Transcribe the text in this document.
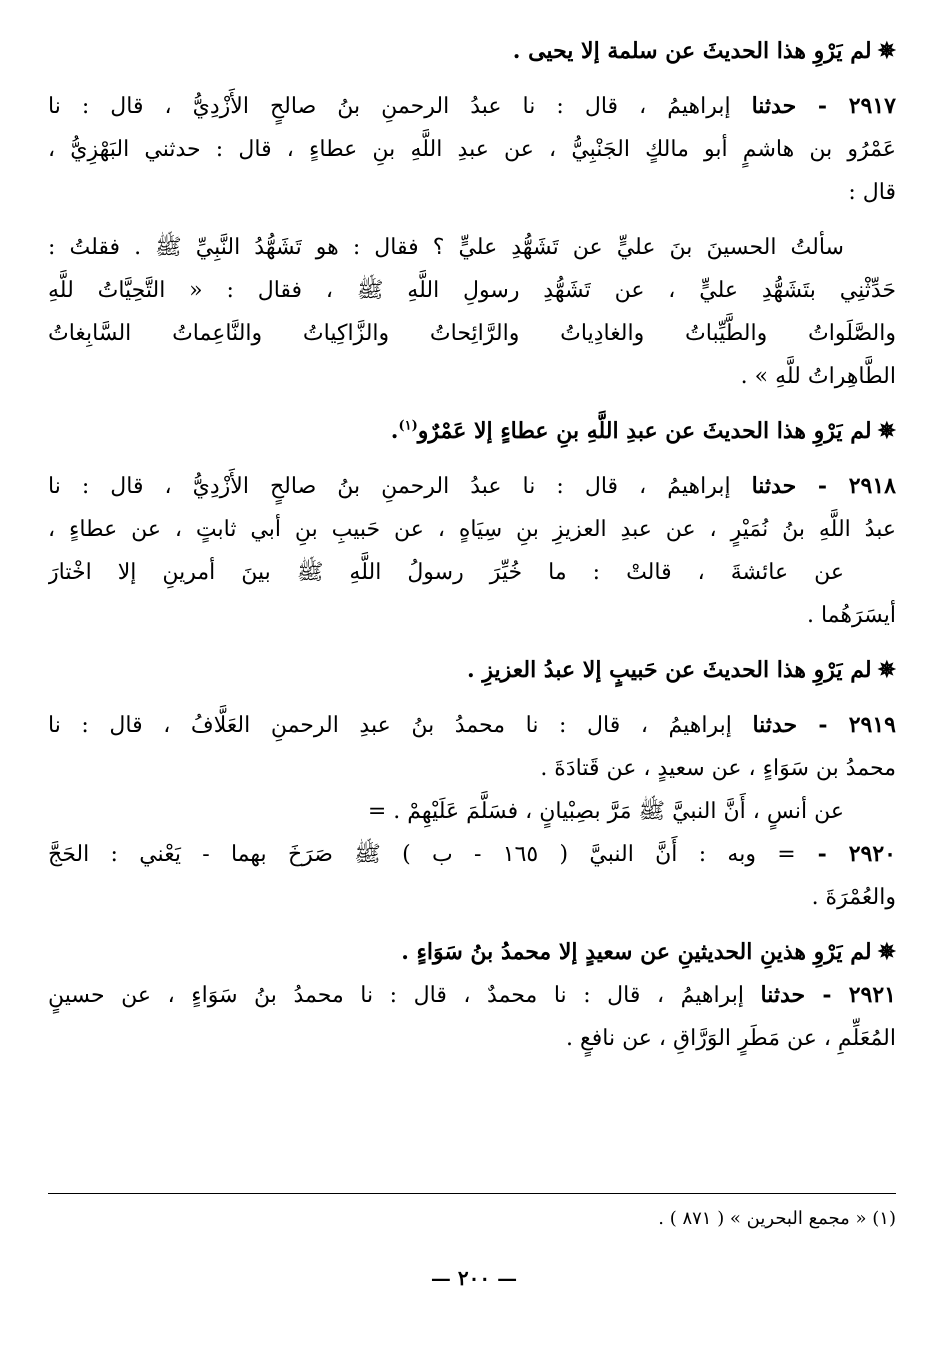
✵لم يَرْوِ هذا الحديثَ عن سلمة إلا يحيى .
٢٩١٧ - حدثنا إبراهيمُ ، قال : نا عبدُ الرحمنِ بنُ صالحٍ الأَزْدِيُّ ، قال : نا
عَمْرُو بن هاشمٍ أبو مالكٍ الجَنْبِيُّ ، عن عبدِ اللَّهِ بنِ عطاءٍ ، قال : حدثني البَهْزِيُّ ،
قال :
سألتُ الحسينَ بنَ عليٍّ عن تَشَهُّدِ عليٍّ ؟ فقال : هو تَشَهُّدُ النَّبِيِّ ﷺ . فقلتُ :
حَدِّثْنِي بتَشَهُّدِ عليٍّ ، عن تَشَهُّدِ رسولِ اللَّهِ ﷺ ، فقال : « التَّحِيَّاتُ للَّهِ
والصَّلَواتُ والطَّيِّباتُ والغادِياتُ والرَّائِحاتُ والزَّاكِياتُ والنَّاعِماتُ السَّابِغاتُ
الطَّاهِراتُ للَّهِ » .
✵لم يَرْوِ هذا الحديثَ عن عبدِ اللَّهِ بنِ عطاءٍ إلا عَمْرٌو$^{(١)}$.
٢٩١٨ - حدثنا إبراهيمُ ، قال : نا عبدُ الرحمنِ بنُ صالحٍ الأَزْدِيُّ ، قال : نا
عبدُ اللَّهِ بنُ نُمَيْرٍ ، عن عبدِ العزيزِ بنِ سِيَاهٍ ، عن حَبيبِ بنِ أبي ثابتٍ ، عن عطاءٍ ،
عن عائشةَ ، قالتْ : ما خُيِّرَ رسولُ اللَّهِ ﷺ بينَ أمرينِ إلا اخْتارَ
أيسَرَهُما .
✵لم يَرْوِ هذا الحديثَ عن حَبيبٍ إلا عبدُ العزيزِ .
٢٩١٩ - حدثنا إبراهيمُ ، قال : نا محمدُ بنُ عبدِ الرحمنِ العَلَّافُ ، قال : نا
محمدُ بن سَوَاءٍ ، عن سعيدٍ ، عن قَتادَةَ .
عن أنسٍ ، أَنَّ النبيَّ ﷺ مَرَّ بصِبْيانٍ ، فسَلَّمَ عَلَيْهِمْ . =
٢٩٢٠ - = وبه : أَنَّ النبيَّ ( ١٦٥ - ب ) ﷺ صَرَخَ بهما - يَعْني : الحَجَّ
والعُمْرَةَ .
✵لم يَرْوِ هذينِ الحديثينِ عن سعيدٍ إلا محمدُ بنُ سَوَاءٍ .
٢٩٢١ - حدثنا إبراهيمُ ، قال : نا محمدٌ ، قال : نا محمدُ بنُ سَوَاءٍ ، عن حسينٍ
المُعَلِّمِ ، عن مَطَرٍ الوَرَّاقِ ، عن نافعٍ .
(١) « مجمع البحرين » ( ٨٧١ ) .
— ٢٠٠ —
